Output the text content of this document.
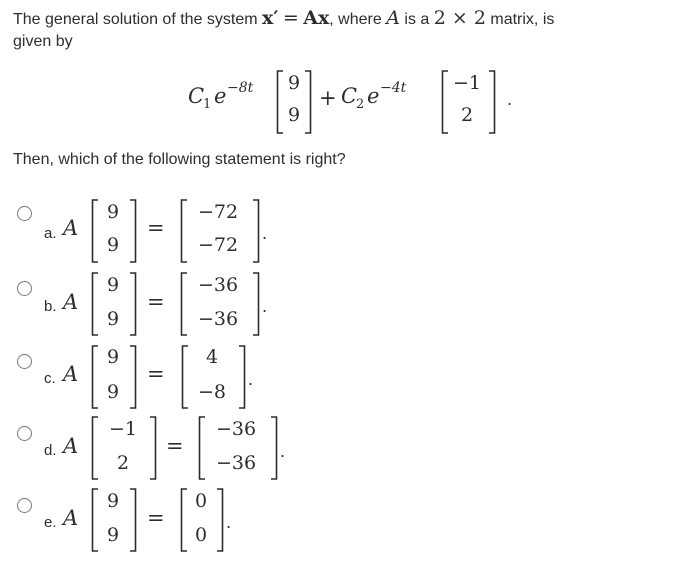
The general solution of the system x′ = Ax, where A is a 2 × 2 matrix, is
given by
C
1 e −8t	9
9
+ C
2 e −4t	−1
2
.
Then, which of the following statement is right?
a. A
9
9
=
−72
−72
.
b. A
9
9
=
−36
−36
.
c. A
9
9
=
4
−8
.
d. A
−1
2
=
−36
−36
.
e. A
9
9
=
0
0
.
